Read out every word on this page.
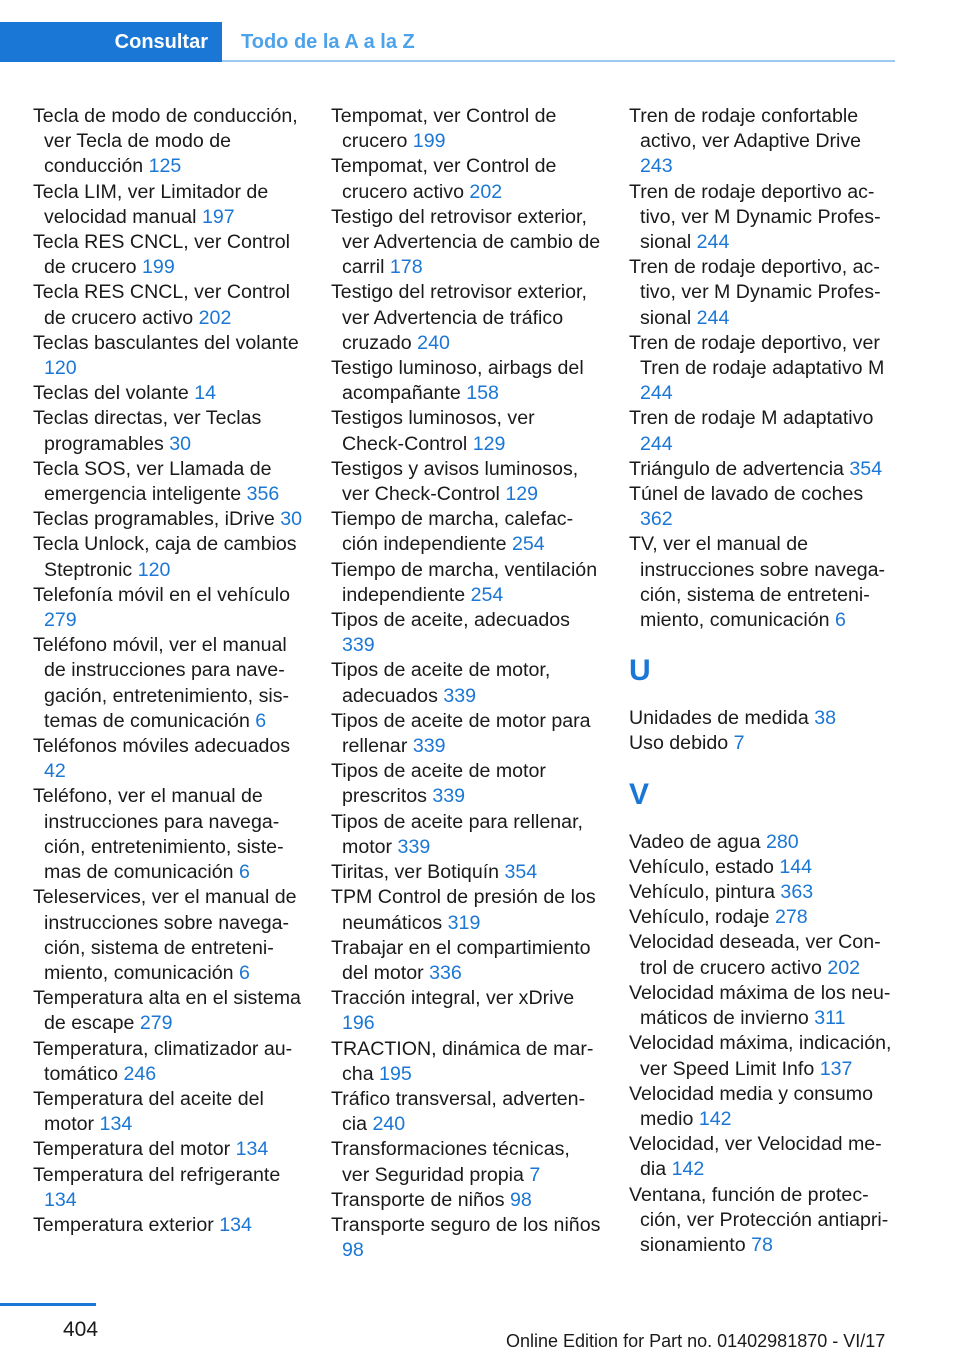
Consultar	Todo de la A a la Z
Tecla de modo de conducción, ver Tecla de modo de conducción 125
Tecla LIM, ver Limitador de velocidad manual 197
Tecla RES CNCL, ver Control de crucero 199
Tecla RES CNCL, ver Control de crucero activo 202
Teclas basculantes del volante 120
Teclas del volante 14
Teclas directas, ver Teclas programables 30
Tecla SOS, ver Llamada de emergencia inteligente 356
Teclas programables, iDrive 30
Tecla Unlock, caja de cambios Steptronic 120
Telefonía móvil en el vehículo 279
Teléfono móvil, ver el manual de instrucciones para navegación, entretenimiento, sistemas de comunicación 6
Teléfonos móviles adecuados 42
Teléfono, ver el manual de instrucciones para navegación, entretenimiento, sistemas de comunicación 6
Teleservices, ver el manual de instrucciones sobre navegación, sistema de entretenimiento, comunicación 6
Temperatura alta en el sistema de escape 279
Temperatura, climatizador automático 246
Temperatura del aceite del motor 134
Temperatura del motor 134
Temperatura del refrigerante 134
Temperatura exterior 134
Tempomat, ver Control de crucero 199
Tempomat, ver Control de crucero activo 202
Testigo del retrovisor exterior, ver Advertencia de cambio de carril 178
Testigo del retrovisor exterior, ver Advertencia de tráfico cruzado 240
Testigo luminoso, airbags del acompañante 158
Testigos luminosos, ver Check-Control 129
Testigos y avisos luminosos, ver Check-Control 129
Tiempo de marcha, calefacción independiente 254
Tiempo de marcha, ventilación independiente 254
Tipos de aceite, adecuados 339
Tipos de aceite de motor, adecuados 339
Tipos de aceite de motor para rellenar 339
Tipos de aceite de motor prescritos 339
Tipos de aceite para rellenar, motor 339
Tiritas, ver Botiquín 354
TPM Control de presión de los neumáticos 319
Trabajar en el compartimiento del motor 336
Tracción integral, ver xDrive 196
TRACTION, dinámica de marcha 195
Tráfico transversal, advertencia 240
Transformaciones técnicas, ver Seguridad propia 7
Transporte de niños 98
Transporte seguro de los niños 98
Tren de rodaje confortable activo, ver Adaptive Drive 243
Tren de rodaje deportivo activo, ver M Dynamic Professional 244
Tren de rodaje deportivo, activo, ver M Dynamic Professional 244
Tren de rodaje deportivo, ver Tren de rodaje adaptativo M 244
Tren de rodaje M adaptativo 244
Triángulo de advertencia 354
Túnel de lavado de coches 362
TV, ver el manual de instrucciones sobre navegación, sistema de entretenimiento, comunicación 6
U
Unidades de medida 38
Uso debido 7
V
Vadeo de agua 280
Vehículo, estado 144
Vehículo, pintura 363
Vehículo, rodaje 278
Velocidad deseada, ver Control de crucero activo 202
Velocidad máxima de los neumáticos de invierno 311
Velocidad máxima, indicación, ver Speed Limit Info 137
Velocidad media y consumo medio 142
Velocidad, ver Velocidad media 142
Ventana, función de protección, ver Protección antiaprisionamiento 78
404	Online Edition for Part no. 01402981870 - VI/17
